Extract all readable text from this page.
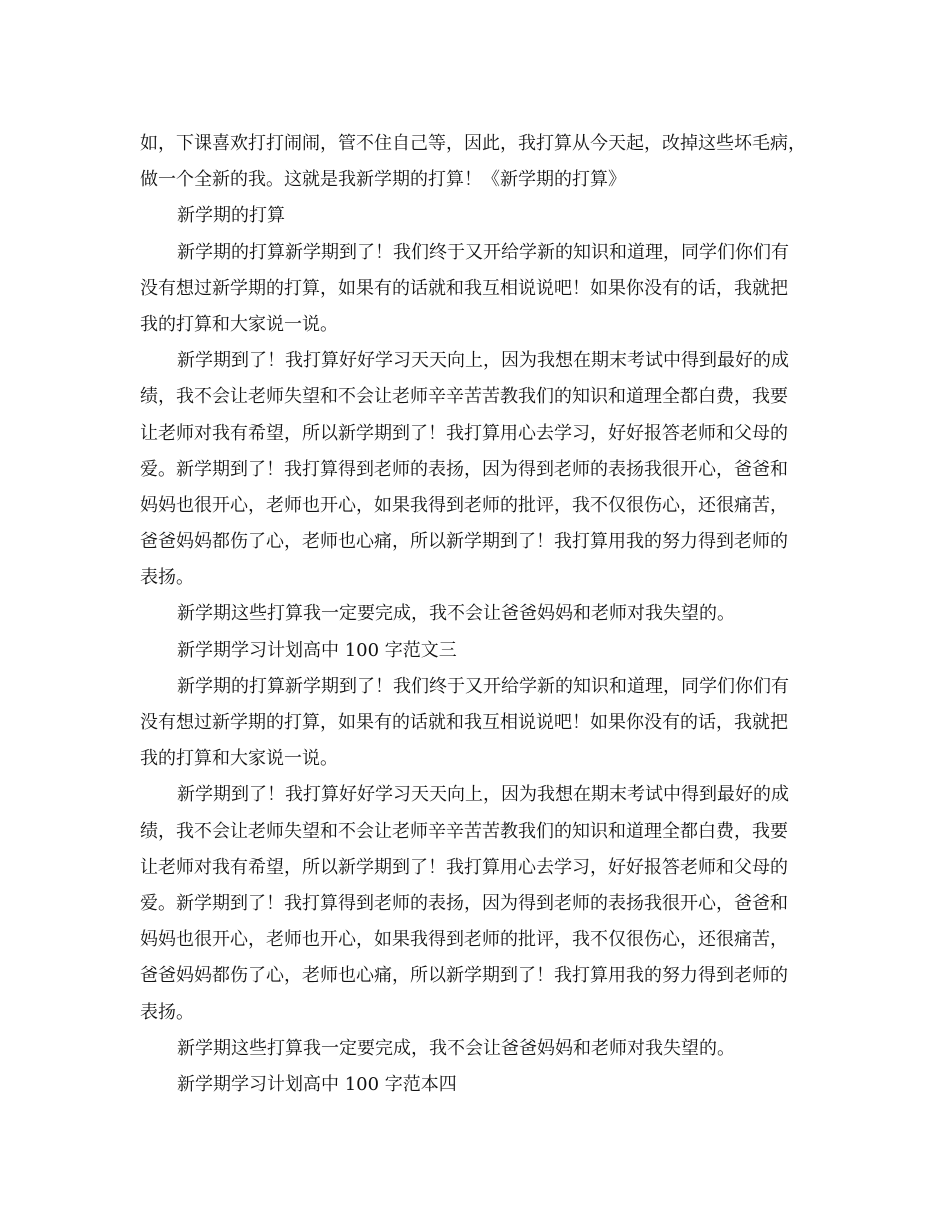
如，下课喜欢打打闹闹，管不住自己等，因此，我打算从今天起，改掉这些坏毛病，
做一个全新的我。这就是我新学期的打算！《新学期的打算》
新学期的打算
新学期的打算新学期到了！我们终于又开给学新的知识和道理，同学们你们有
没有想过新学期的打算，如果有的话就和我互相说说吧！如果你没有的话，我就把
我的打算和大家说一说。
新学期到了！我打算好好学习天天向上，因为我想在期末考试中得到最好的成
绩，我不会让老师失望和不会让老师辛辛苦苦教我们的知识和道理全都白费，我要
让老师对我有希望，所以新学期到了！我打算用心去学习，好好报答老师和父母的
爱。新学期到了！我打算得到老师的表扬，因为得到老师的表扬我很开心，爸爸和
妈妈也很开心，老师也开心，如果我得到老师的批评，我不仅很伤心，还很痛苦，
爸爸妈妈都伤了心，老师也心痛，所以新学期到了！我打算用我的努力得到老师的
表扬。
新学期这些打算我一定要完成，我不会让爸爸妈妈和老师对我失望的。
新学期学习计划高中 100 字范文三
新学期的打算新学期到了！我们终于又开给学新的知识和道理，同学们你们有
没有想过新学期的打算，如果有的话就和我互相说说吧！如果你没有的话，我就把
我的打算和大家说一说。
新学期到了！我打算好好学习天天向上，因为我想在期末考试中得到最好的成
绩，我不会让老师失望和不会让老师辛辛苦苦教我们的知识和道理全都白费，我要
让老师对我有希望，所以新学期到了！我打算用心去学习，好好报答老师和父母的
爱。新学期到了！我打算得到老师的表扬，因为得到老师的表扬我很开心，爸爸和
妈妈也很开心，老师也开心，如果我得到老师的批评，我不仅很伤心，还很痛苦，
爸爸妈妈都伤了心，老师也心痛，所以新学期到了！我打算用我的努力得到老师的
表扬。
新学期这些打算我一定要完成，我不会让爸爸妈妈和老师对我失望的。
新学期学习计划高中 100 字范本四
